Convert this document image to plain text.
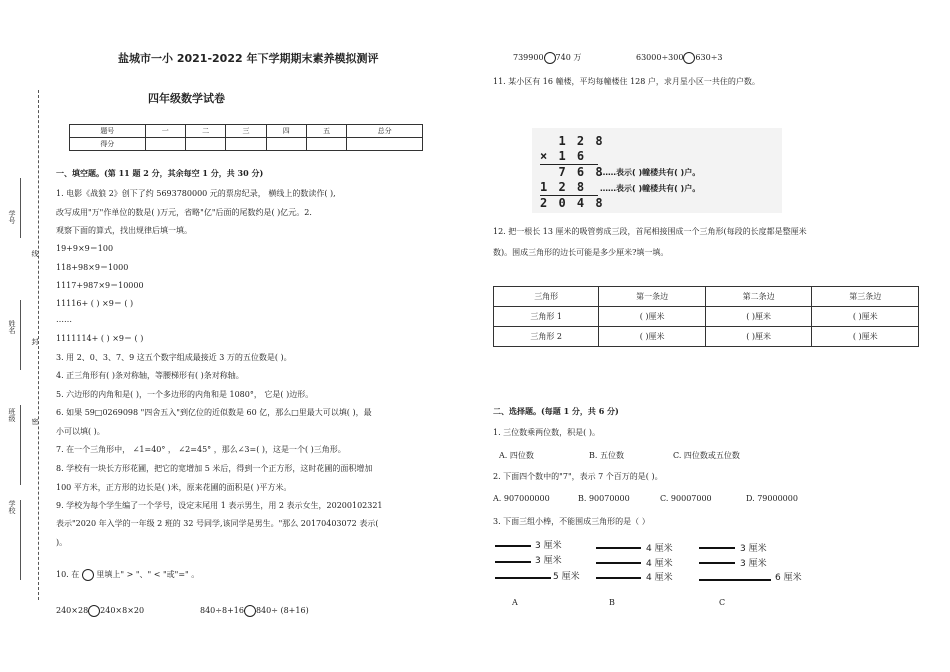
学号
线
姓名
封
班级 密
学校
盐城市一小 2021-2022 年下学期期末素养模拟测评
四年级数学试卷
题号	一	二	三	四	五	总分
得分						
一、填空题。(第 11 题 2 分，其余每空 1 分，共 30 分)
1. 电影《战狼 2》创下了约 5693780000 元的票房纪录， 横线上的数读作( ),
改写成用"万"作单位的数是( )万元，省略"亿"后面的尾数约是( )亿元。2．
观察下面的算式，找出规律后填一填。
19+9×9＝100
118+98×9＝1000
1117+987×9＝10000
11116+ ( ) ×9＝ ( )
……
1111114+ ( ) ×9＝ ( )
3. 用 2、0、3、7、9 这五个数字组成最接近 3 万的五位数是( )。
4. 正三角形有( )条对称轴，等腰梯形有( )条对称轴。
5. 六边形的内角和是( )，一个多边形的内角和是 1080°， 它是( )边形。
6. 如果 59□0269098 "四舍五入"到亿位的近似数是 60 亿，那么□里最大可以填( )，最
小可以填( )。
7. 在一个三角形中， ∠1=40° ， ∠2=45° ，那么∠3=( )，这是一个( )三角形。
8. 学校有一块长方形花圃，把它的宽增加 5 米后，得到一个正方形，这时花圃的面积增加
100 平方米，正方形的边长是( )米，原来花圃的面积是( )平方米。
9. 学校为每个学生编了一个学号，设定末尾用 1 表示男生，用 2 表示女生，20200102321
表示"2020 年入学的一年级 2 班的 32 号同学,该同学是男生。"那么 20170403072 表示(
)。
10. 在 里填上" > "、" < "或"=" 。
240×28 240×8×20	840÷8+16 840÷ (8+16)
739900 740 万	63000÷300 630÷3
11. 某小区有 16 幢楼，平均每幢楼住 128 户，求月星小区一共住的户数。
1 2 8
× 1 6
7 6 8
1 2 8
2 0 4 8
……表示( )幢楼共有( )户。
……表示( )幢楼共有( )户。
12. 把一根长 13 厘米的吸管剪成三段，首尾相接围成一个三角形(每段的长度都是整厘米
数)。围成三角形的边长可能是多少厘米?填一填。
三角形	第一条边	第二条边	第三条边
三角形 1	( )厘米	( )厘米	( )厘米
三角形 2	( )厘米	( )厘米	( )厘米
二、选择题。(每题 1 分，共 6 分)
1. 三位数乘两位数，积是( )。
A. 四位数	B. 五位数	C. 四位数或五位数
2. 下面四个数中的"7"，表示 7 个百万的是( )。
A. 907000000	B. 90070000	C. 90007000	D. 79000000
3. 下面三组小棒，不能围成三角形的是（ ）
3 厘米
3 厘米
5 厘米
A
4 厘米
4 厘米
4 厘米
B
3 厘米
3 厘米
6 厘米
C
